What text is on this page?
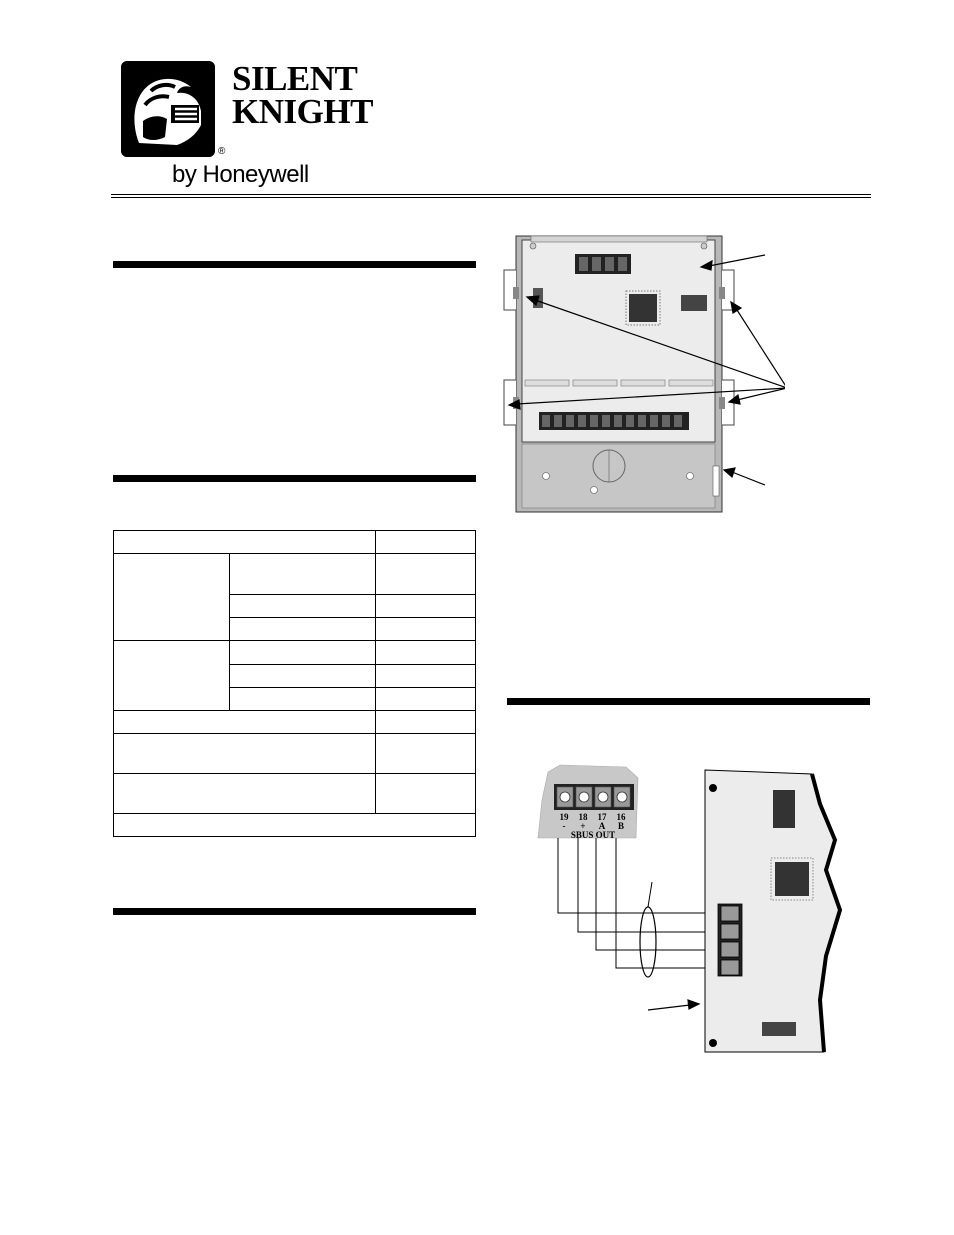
SILENT
KNIGHT
®
by Honeywell

19 18 17 16
- + A B
SBUS OUT
